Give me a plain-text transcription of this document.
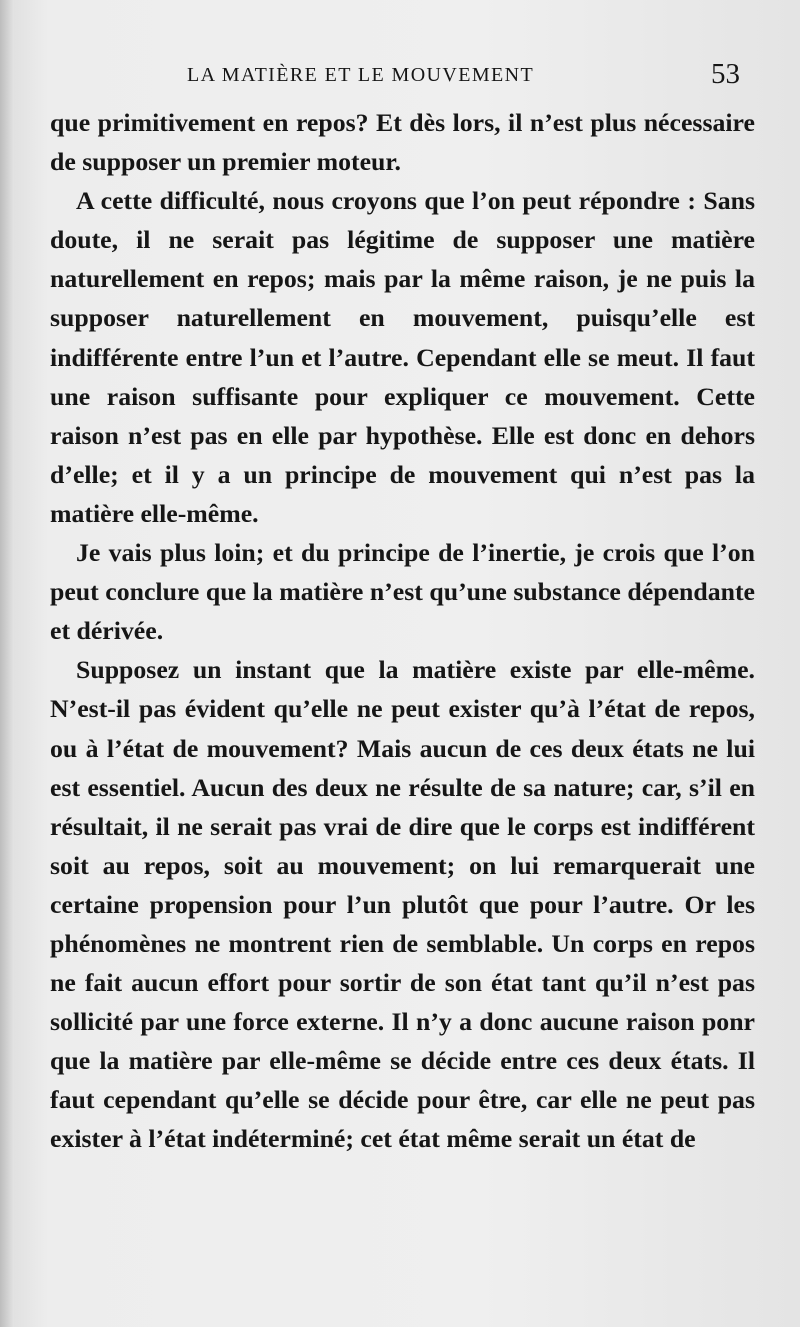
LA MATIÈRE ET LE MOUVEMENT	53

que primitivement en repos? Et dès lors, il n’est plus nécessaire de supposer un premier moteur.

A cette difficulté, nous croyons que l’on peut répondre : Sans doute, il ne serait pas légitime de supposer une matière naturellement en repos; mais par la même raison, je ne puis la supposer naturellement en mouvement, puisqu’elle est indifférente entre l’un et l’autre. Cependant elle se meut. Il faut une raison suffisante pour expliquer ce mouvement. Cette raison n’est pas en elle par hypothèse. Elle est donc en dehors d’elle; et il y a un principe de mouvement qui n’est pas la matière elle-même.

Je vais plus loin; et du principe de l’inertie, je crois que l’on peut conclure que la matière n’est qu’une substance dépendante et dérivée.

Supposez un instant que la matière existe par elle-même. N’est-il pas évident qu’elle ne peut exister qu’à l’état de repos, ou à l’état de mouvement? Mais aucun de ces deux états ne lui est essentiel. Aucun des deux ne résulte de sa nature; car, s’il en résultait, il ne serait pas vrai de dire que le corps est indifférent soit au repos, soit au mouvement; on lui remarquerait une certaine propension pour l’un plutôt que pour l’autre. Or les phénomènes ne montrent rien de semblable. Un corps en repos ne fait aucun effort pour sortir de son état tant qu’il n’est pas sollicité par une force externe. Il n’y a donc aucune raison ponr que la matière par elle-même se décide entre ces deux états. Il faut cependant qu’elle se décide pour être, car elle ne peut pas exister à l’état indéterminé; cet état même serait un état de
